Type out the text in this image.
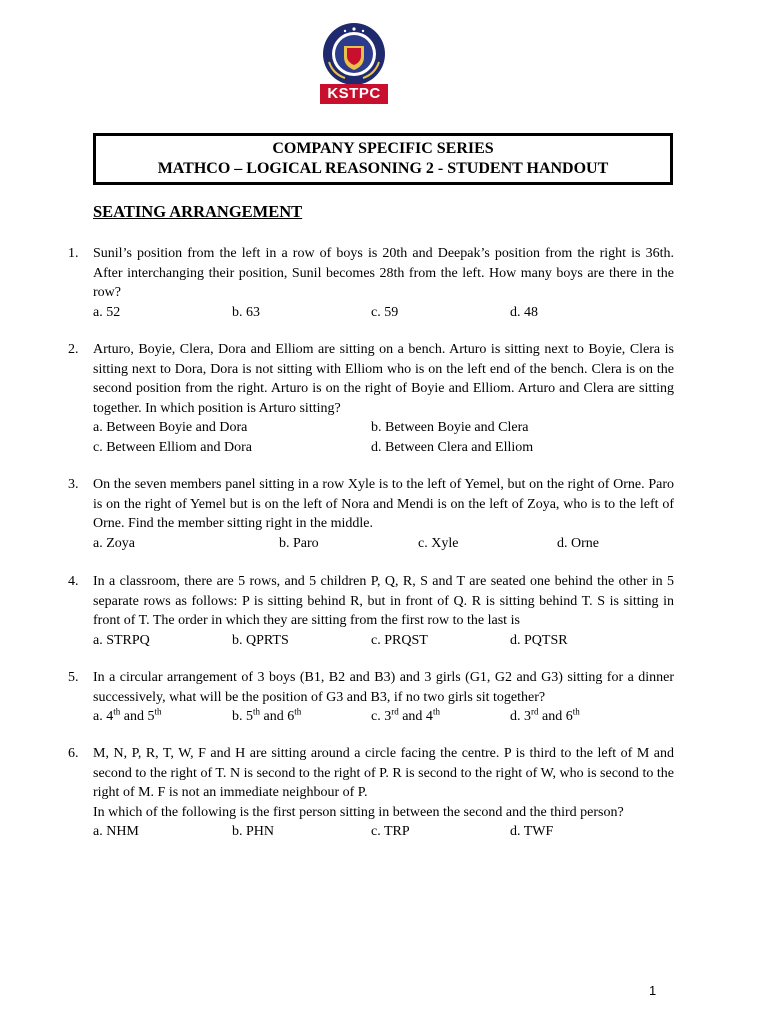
KSTPC
COMPANY SPECIFIC SERIES
MATHCO – LOGICAL REASONING 2 - STUDENT HANDOUT
SEATING ARRANGEMENT
1. Sunil’s position from the left in a row of boys is 20th and Deepak’s position from the right is 36th. After interchanging their position, Sunil becomes 28th from the left. How many boys are there in the row?
a. 52	b. 63	c. 59	d. 48
2. Arturo, Boyie, Clera, Dora and Elliom are sitting on a bench. Arturo is sitting next to Boyie, Clera is sitting next to Dora, Dora is not sitting with Elliom who is on the left end of the bench. Clera is on the second position from the right. Arturo is on the right of Boyie and Elliom. Arturo and Clera are sitting together. In which position is Arturo sitting?
a. Between Boyie and Dora	b. Between Boyie and Clera
c. Between Elliom and Dora	d. Between Clera and Elliom
3. On the seven members panel sitting in a row Xyle is to the left of Yemel, but on the right of Orne. Paro is on the right of Yemel but is on the left of Nora and Mendi is on the left of Zoya, who is to the left of Orne. Find the member sitting right in the middle.
a. Zoya	b. Paro	c. Xyle	d. Orne
4. In a classroom, there are 5 rows, and 5 children P, Q, R, S and T are seated one behind the other in 5 separate rows as follows: P is sitting behind R, but in front of Q. R is sitting behind T. S is sitting in front of T. The order in which they are sitting from the first row to the last is
a. STRPQ	b. QPRTS	c. PRQST	d. PQTSR
5. In a circular arrangement of 3 boys (B1, B2 and B3) and 3 girls (G1, G2 and G3) sitting for a dinner successively, what will be the position of G3 and B3, if no two girls sit together?
a. 4th and 5th	b. 5th and 6th	c. 3rd and 4th	d. 3rd and 6th
6. M, N, P, R, T, W, F and H are sitting around a circle facing the centre. P is third to the left of M and second to the right of T. N is second to the right of P. R is second to the right of W, who is second to the right of M. F is not an immediate neighbour of P.
In which of the following is the first person sitting in between the second and the third person?
a. NHM	b. PHN	c. TRP	d. TWF
1
